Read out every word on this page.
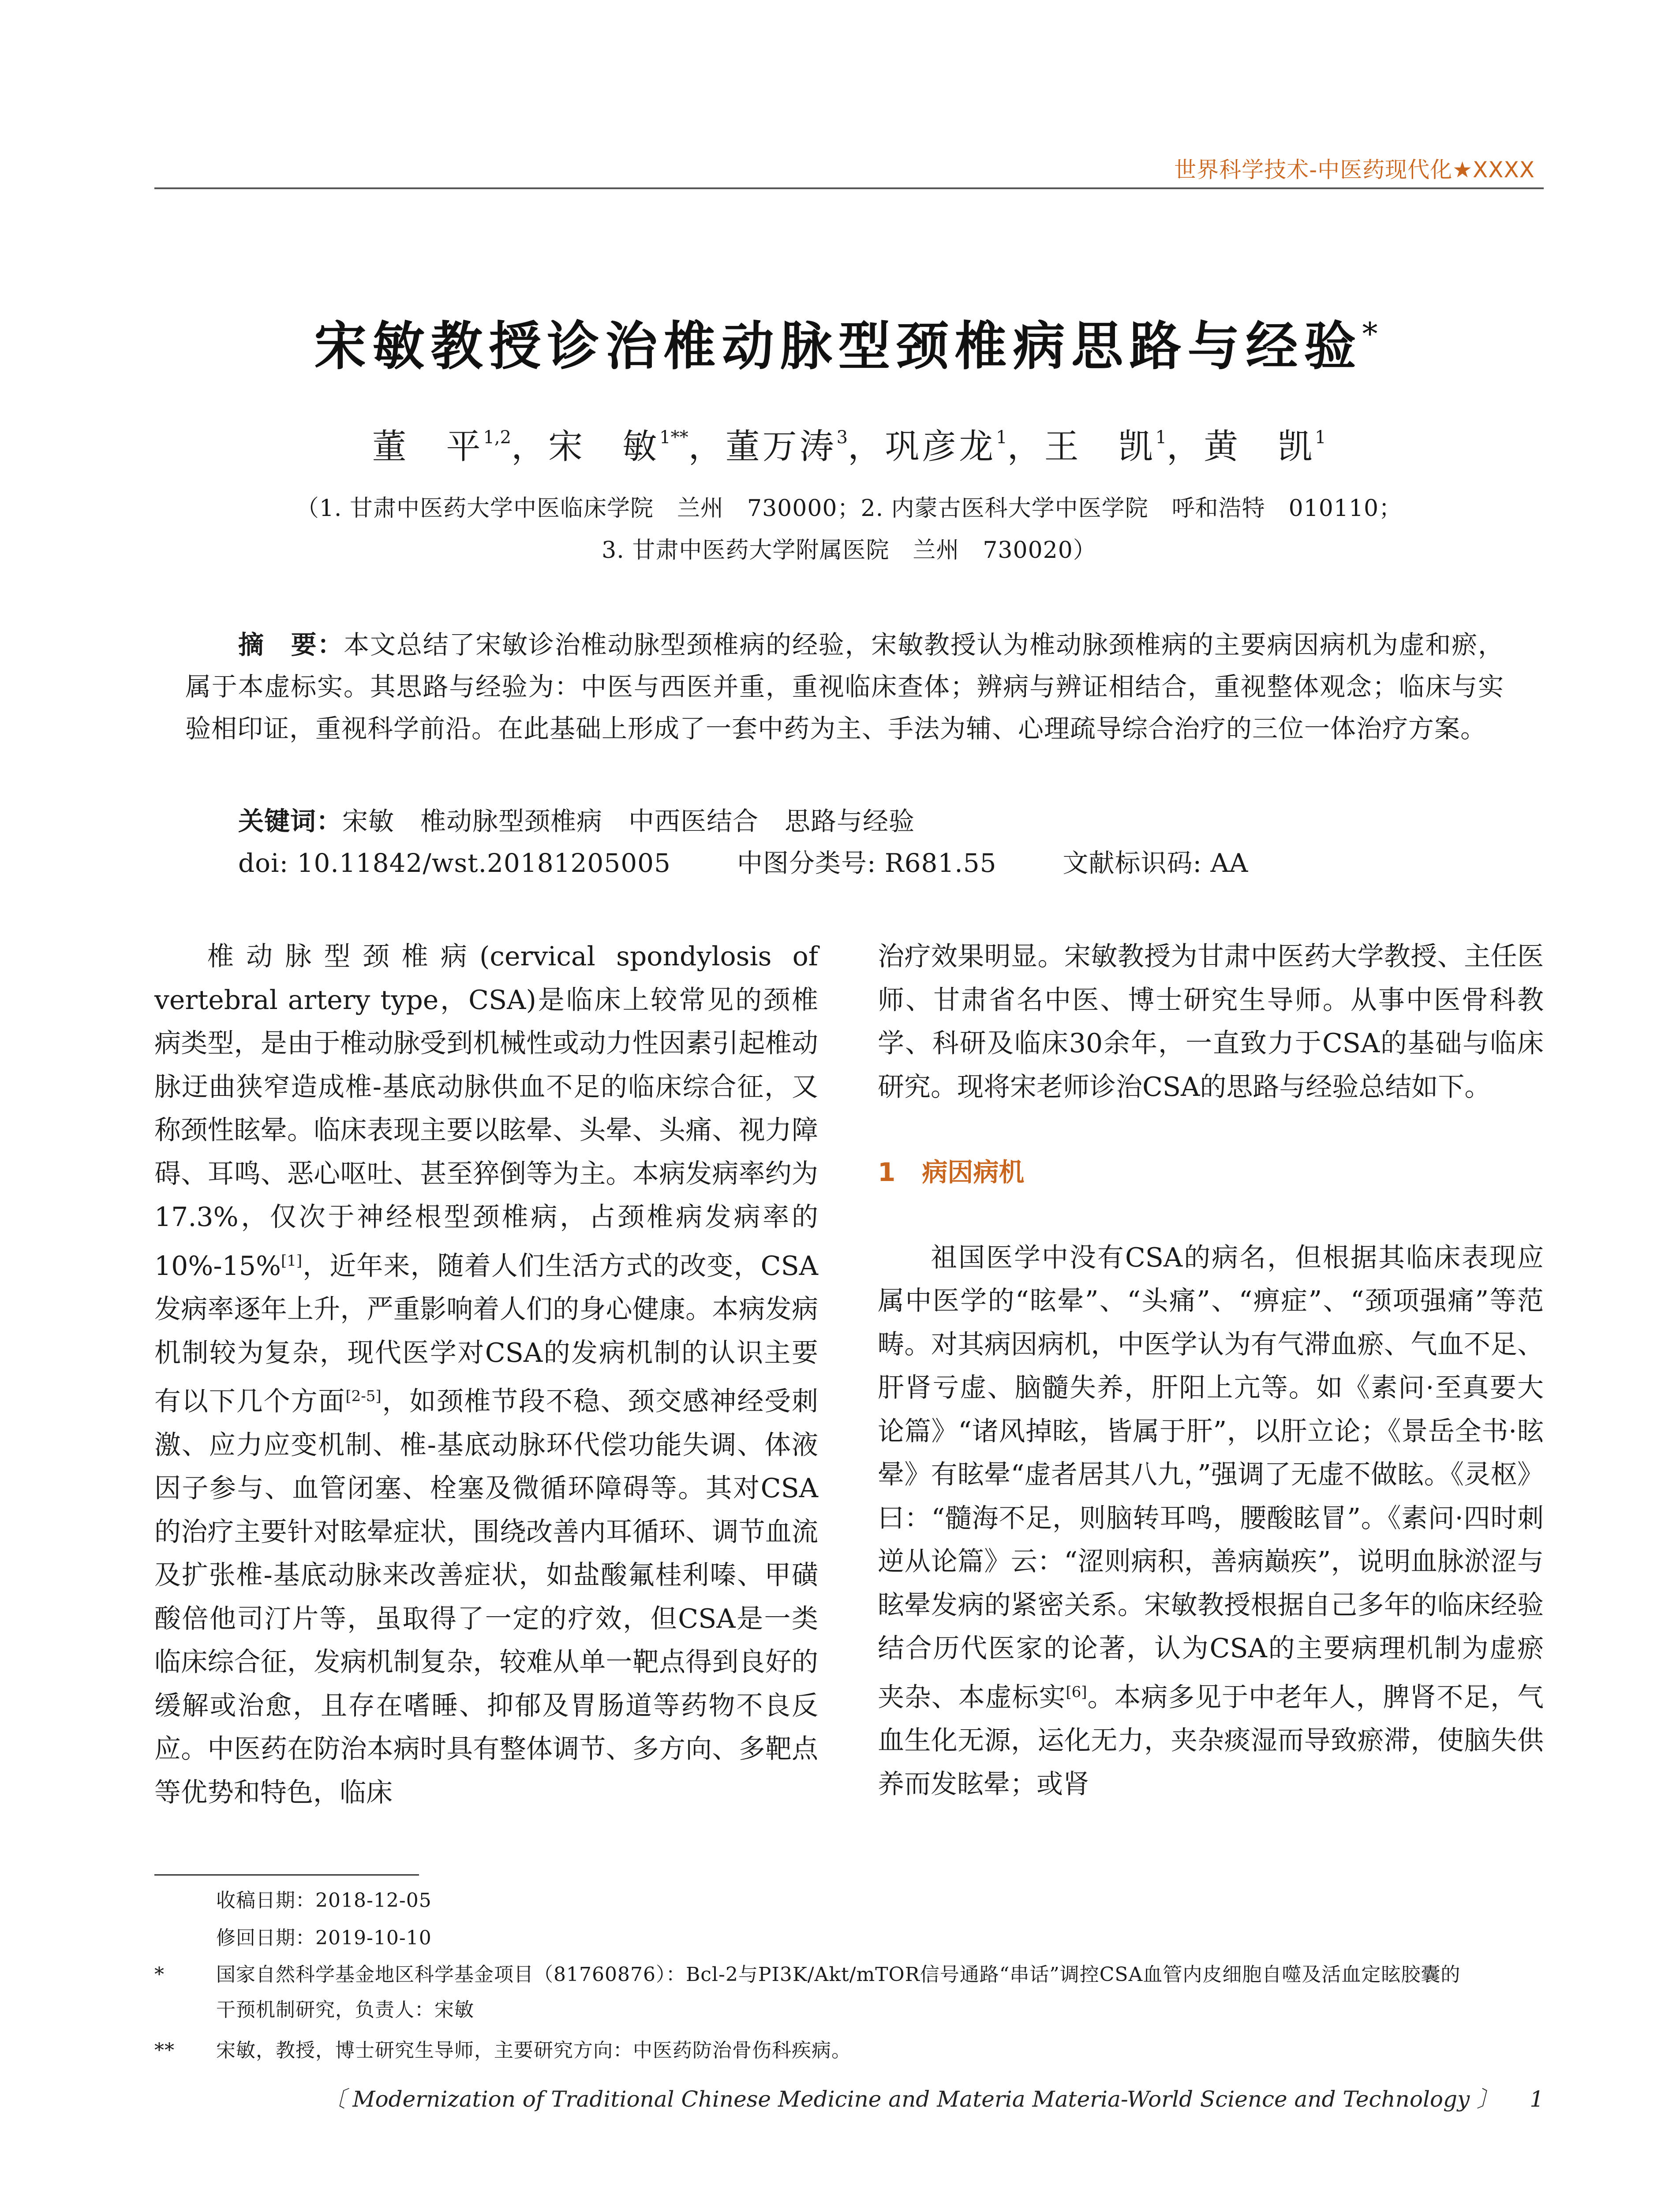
世界科学技术-中医药现代化★XXXX
宋敏教授诊治椎动脉型颈椎病思路与经验*
董　平$^{1,2}$，宋　敏$^{1**}$，董万涛$^3$，巩彦龙$^1$，王　凯$^1$，黄　凯$^1$
（1. 甘肃中医药大学中医临床学院　兰州　730000；2. 内蒙古医科大学中医学院　呼和浩特　010110；
3. 甘肃中医药大学附属医院　兰州　730020）
摘　要：本文总结了宋敏诊治椎动脉型颈椎病的经验，宋敏教授认为椎动脉颈椎病的主要病因病机为虚和瘀，属于本虚标实。其思路与经验为：中医与西医并重，重视临床查体；辨病与辨证相结合，重视整体观念；临床与实验相印证，重视科学前沿。在此基础上形成了一套中药为主、手法为辅、心理疏导综合治疗的三位一体治疗方案。
关键词：宋敏　椎动脉型颈椎病　中西医结合　思路与经验
doi: 10.11842/wst.20181205005	中图分类号: R681.55	文献标识码: AA

椎动脉型颈椎病(cervical spondylosis of vertebral artery type，CSA)是临床上较常见的颈椎病类型，是由于椎动脉受到机械性或动力性因素引起椎动脉迂曲狭窄造成椎-基底动脉供血不足的临床综合征，又称颈性眩晕。临床表现主要以眩晕、头晕、头痛、视力障碍、耳鸣、恶心呕吐、甚至猝倒等为主。本病发病率约为17.3%，仅次于神经根型颈椎病，占颈椎病发病率的10%-15%[1]，近年来，随着人们生活方式的改变，CSA发病率逐年上升，严重影响着人们的身心健康。本病发病机制较为复杂，现代医学对CSA的发病机制的认识主要有以下几个方面[2-5]，如颈椎节段不稳、颈交感神经受刺激、应力应变机制、椎-基底动脉环代偿功能失调、体液因子参与、血管闭塞、栓塞及微循环障碍等。其对CSA的治疗主要针对眩晕症状，围绕改善内耳循环、调节血流及扩张椎-基底动脉来改善症状，如盐酸氟桂利嗪、甲磺酸倍他司汀片等，虽取得了一定的疗效，但CSA是一类临床综合征，发病机制复杂，较难从单一靶点得到良好的缓解或治愈，且存在嗜睡、抑郁及胃肠道等药物不良反应。中医药在防治本病时具有整体调节、多方向、多靶点等优势和特色，临床

治疗效果明显。宋敏教授为甘肃中医药大学教授、主任医师、甘肃省名中医、博士研究生导师。从事中医骨科教学、科研及临床30余年，一直致力于CSA的基础与临床研究。现将宋老师诊治CSA的思路与经验总结如下。

1 病因病机

祖国医学中没有CSA的病名，但根据其临床表现应属中医学的“眩晕”、“头痛”、“痹症”、“颈项强痛”等范畴。对其病因病机，中医学认为有气滞血瘀、气血不足、肝肾亏虚、脑髓失养，肝阳上亢等。如《素问·至真要大论篇》“诸风掉眩，皆属于肝”，以肝立论；《景岳全书·眩晕》有眩晕“虚者居其八九，”强调了无虚不做眩。《灵枢》曰：“髓海不足，则脑转耳鸣，腰酸眩冒”。《素问·四时刺逆从论篇》云：“涩则病积，善病巅疾”，说明血脉淤涩与眩晕发病的紧密关系。宋敏教授根据自己多年的临床经验结合历代医家的论著，认为CSA的主要病理机制为虚瘀夹杂、本虚标实[6]。本病多见于中老年人，脾肾不足，气血生化无源，运化无力，夹杂痰湿而导致瘀滞，使脑失供养而发眩晕；或肾

收稿日期：2018-12-05
修回日期：2019-10-10
*	国家自然科学基金地区科学基金项目（81760876）：Bcl-2与PI3K/Akt/mTOR信号通路“串话”调控CSA血管内皮细胞自噬及活血定眩胶囊的
干预机制研究，负责人：宋敏
** 宋敏，教授，博士研究生导师，主要研究方向：中医药防治骨伤科疾病。
〔 Modernization of Traditional Chinese Medicine and Materia Materia-World Science and Technology 〕 1
